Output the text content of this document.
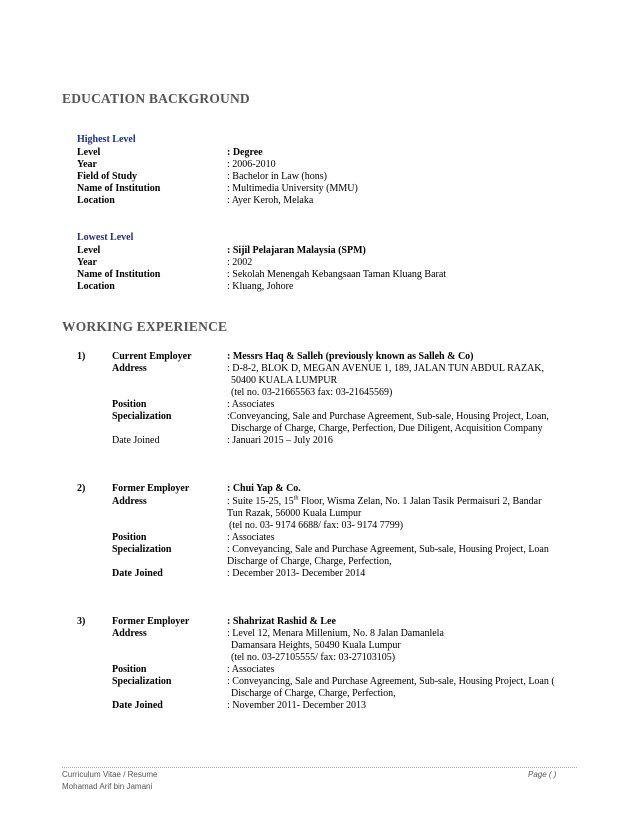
EDUCATION BACKGROUND
Highest Level
Level	: Degree
Year	: 2006-2010
Field of Study	: Bachelor in Law (hons)
Name of Institution	: Multimedia University (MMU)
Location	: Ayer Keroh, Melaka
Lowest Level
Level	: Sijil Pelajaran Malaysia (SPM)
Year	: 2002
Name of Institution	: Sekolah Menengah Kebangsaan Taman Kluang Barat
Location	: Kluang, Johore
WORKING EXPERIENCE
1)	Current Employer	: Messrs Haq & Salleh (previously known as Salleh & Co)
Address	: D-8-2, BLOK D, MEGAN AVENUE 1, 189, JALAN TUN ABDUL RAZAK,
50400 KUALA LUMPUR
(tel no. 03-21665563 fax: 03-21645569)
Position	: Associates
Specialization	:Conveyancing, Sale and Purchase Agreement, Sub-sale, Housing Project, Loan,
Discharge of Charge, Charge, Perfection, Due Diligent, Acquisition Company
Date Joined	: Januari 2015 – July 2016
2)	Former Employer	: Chui Yap & Co.
Address	: Suite 15-25, 15th Floor, Wisma Zelan, No. 1 Jalan Tasik Permaisuri 2, Bandar
Tun Razak, 56000 Kuala Lumpur
(tel no. 03- 9174 6688/ fax: 03- 9174 7799)
Position	: Associates
Specialization	: Conveyancing, Sale and Purchase Agreement, Sub-sale, Housing Project, Loan
Discharge of Charge, Charge, Perfection,
Date Joined	: December 2013- December 2014
3)	Former Employer	: Shahrizat Rashid & Lee
Address	: Level 12, Menara Millenium, No. 8 Jalan Damanlela
Damansara Heights, 50490 Kuala Lumpur
(tel no. 03-27105555/ fax: 03-27103105)
Position	: Associates
Specialization	: Conveyancing, Sale and Purchase Agreement, Sub-sale, Housing Project, Loan (
Discharge of Charge, Charge, Perfection,
Date Joined	: November 2011- December 2013
Curriculum Vitae / Resume
Mohamad Arif bin Jamani
Page ( )
